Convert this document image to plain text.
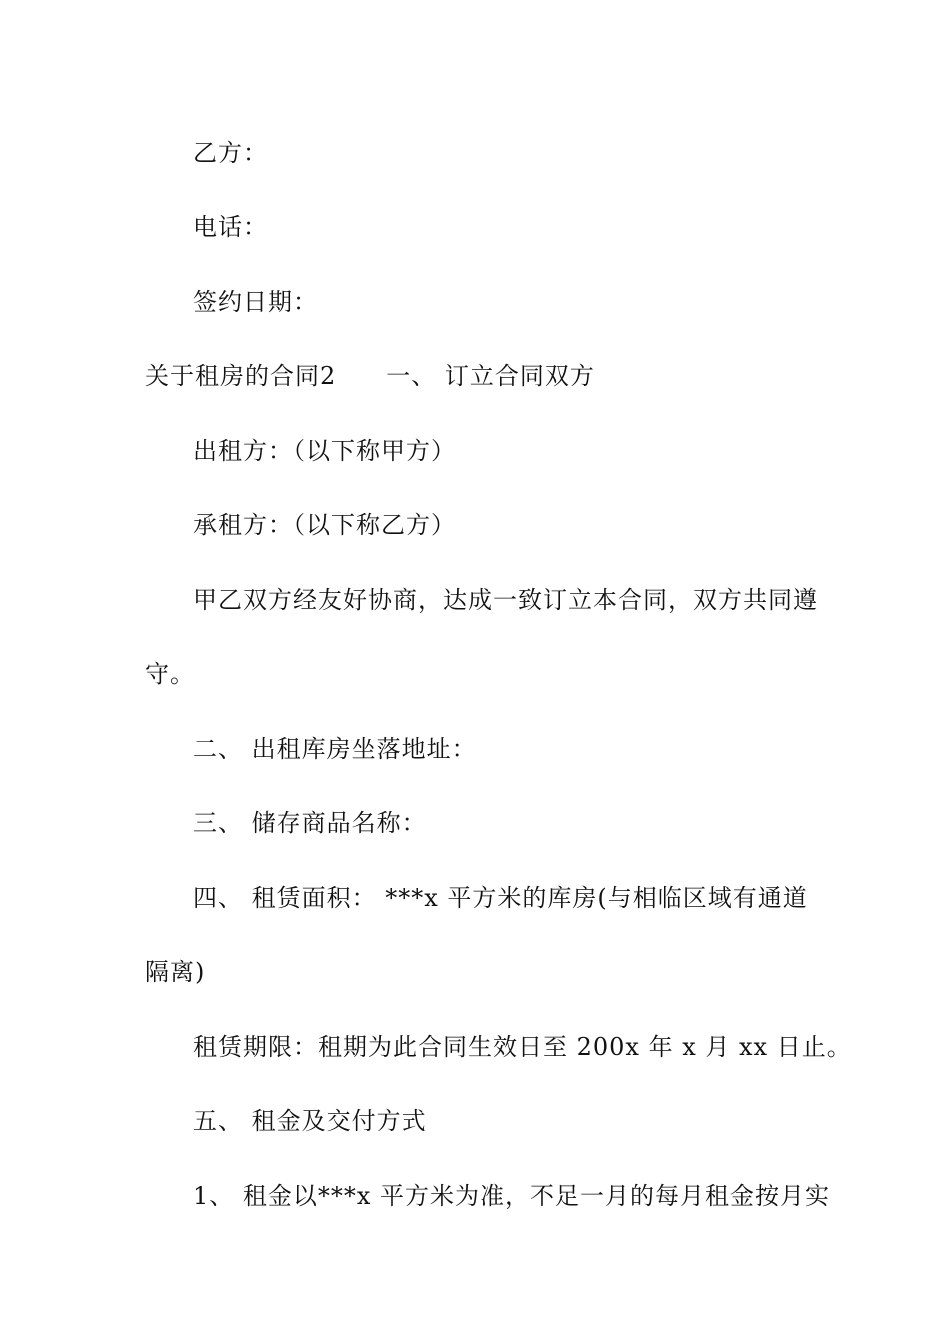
乙方：
电话：
签约日期：
关于租房的合同2　　一、 订立合同双方
出租方：（以下称甲方）
承租方：（以下称乙方）
甲乙双方经友好协商，达成一致订立本合同，双方共同遵
守。
二、 出租库房坐落地址：
三、 储存商品名称：
四、 租赁面积： ***x 平方米的库房(与相临区域有通道
隔离)
租赁期限：租期为此合同生效日至 200x 年 x 月 xx 日止。
五、 租金及交付方式
1、 租金以***x 平方米为准，不足一月的每月租金按月实
